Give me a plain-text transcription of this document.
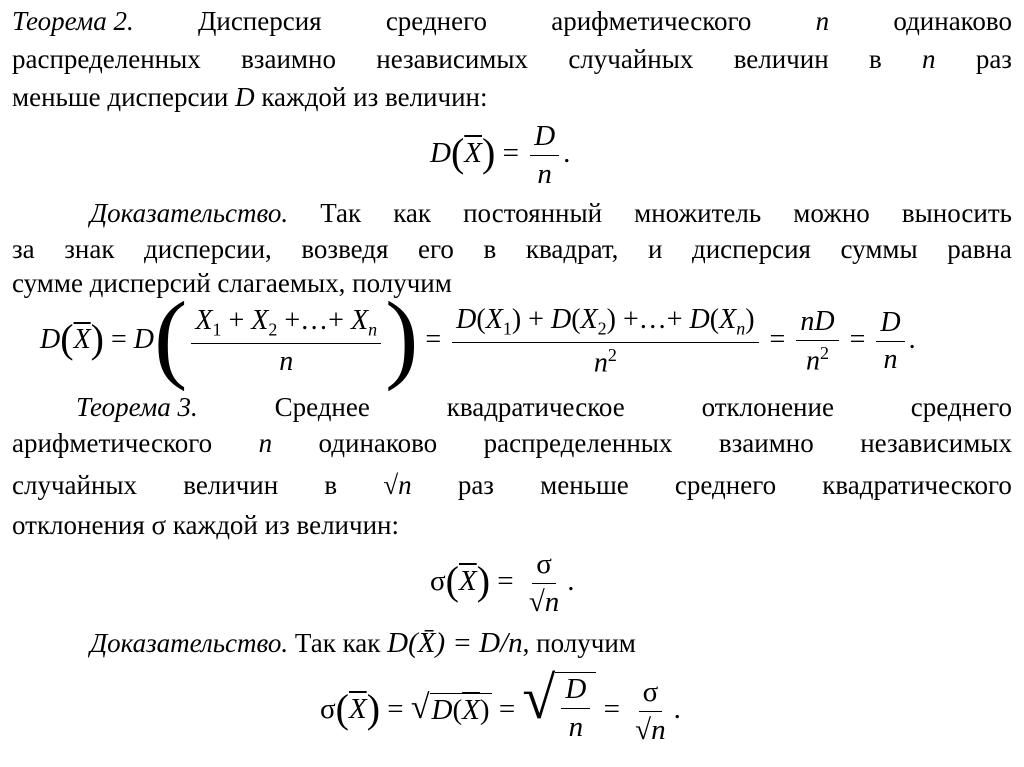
Теорема 2. Дисперсия среднего арифметического n одинаково
распределенных взаимно независимых случайных величин в n раз
меньше дисперсии D каждой из величин:
$D(\overline{X}) = \frac{D}{n}$ .
Доказательство. Так как постоянный множитель можно выносить
за знак дисперсии, возведя его в квадрат, и дисперсия суммы равна
сумме дисперсий слагаемых, получим
$D(\overline{X}) = D( \frac{X_1 + X_2 +\dots+ X_n}{n}$ ) = $\frac{D(X_1) + D(X_2) +\dots+ D(X_n)}{n^2} = \frac{nD}{n^2} = \frac{D}{n}$ .
Теорема 3.	Среднее	квадратическое	отклонение	среднего
арифметического n одинаково распределенных взаимно независимых
случайных величин в √n раз меньше среднего квадратического
отклонения σ каждой из величин:
$\sigma(\overline{X}) = \frac{\sigma}{√n}$ .
Доказательство. Так как D(X̄) = D/n, получим
$\sigma(\overline{X})$ = √ $D(\overline{X})$ = √ $\frac{D}{n} = \frac{\sigma}{√n}$ .
